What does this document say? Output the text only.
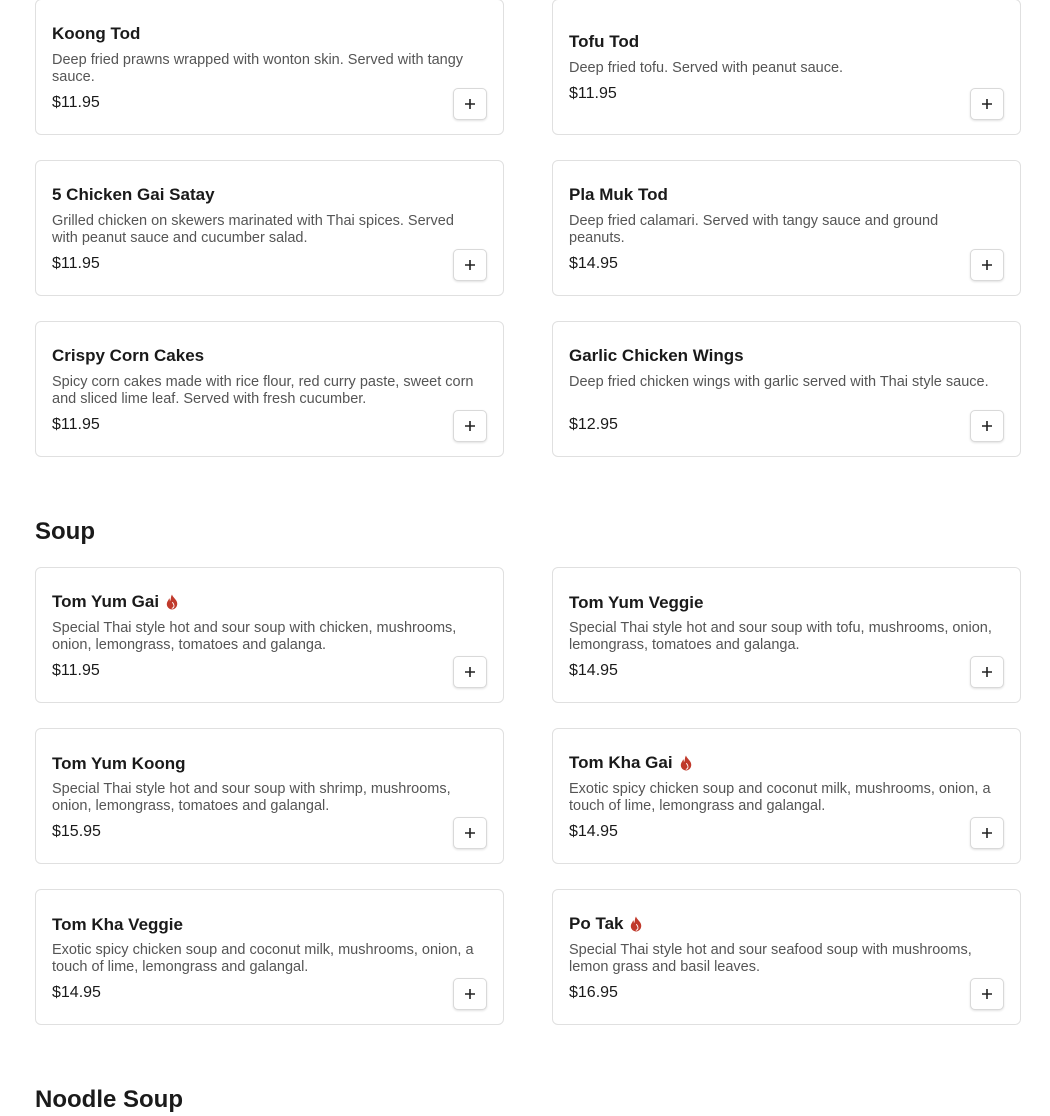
Koong Tod
Deep fried prawns wrapped with wonton skin. Served with tangy sauce.
$11.95
Tofu Tod
Deep fried tofu. Served with peanut sauce.
$11.95
5 Chicken Gai Satay
Grilled chicken on skewers marinated with Thai spices. Served with peanut sauce and cucumber salad.
$11.95
Pla Muk Tod
Deep fried calamari. Served with tangy sauce and ground peanuts.
$14.95
Crispy Corn Cakes
Spicy corn cakes made with rice flour, red curry paste, sweet corn and sliced lime leaf. Served with fresh cucumber.
$11.95
Garlic Chicken Wings
Deep fried chicken wings with garlic served with Thai style sauce.
$12.95
Soup
Tom Yum Gai
Special Thai style hot and sour soup with chicken, mushrooms, onion, lemongrass, tomatoes and galanga.
$11.95
Tom Yum Veggie
Special Thai style hot and sour soup with tofu, mushrooms, onion, lemongrass, tomatoes and galanga.
$14.95
Tom Yum Koong
Special Thai style hot and sour soup with shrimp, mushrooms, onion, lemongrass, tomatoes and galangal.
$15.95
Tom Kha Gai
Exotic spicy chicken soup and coconut milk, mushrooms, onion, a touch of lime, lemongrass and galangal.
$14.95
Tom Kha Veggie
Exotic spicy chicken soup and coconut milk, mushrooms, onion, a touch of lime, lemongrass and galangal.
$14.95
Po Tak
Special Thai style hot and sour seafood soup with mushrooms, lemon grass and basil leaves.
$16.95
Noodle Soup
